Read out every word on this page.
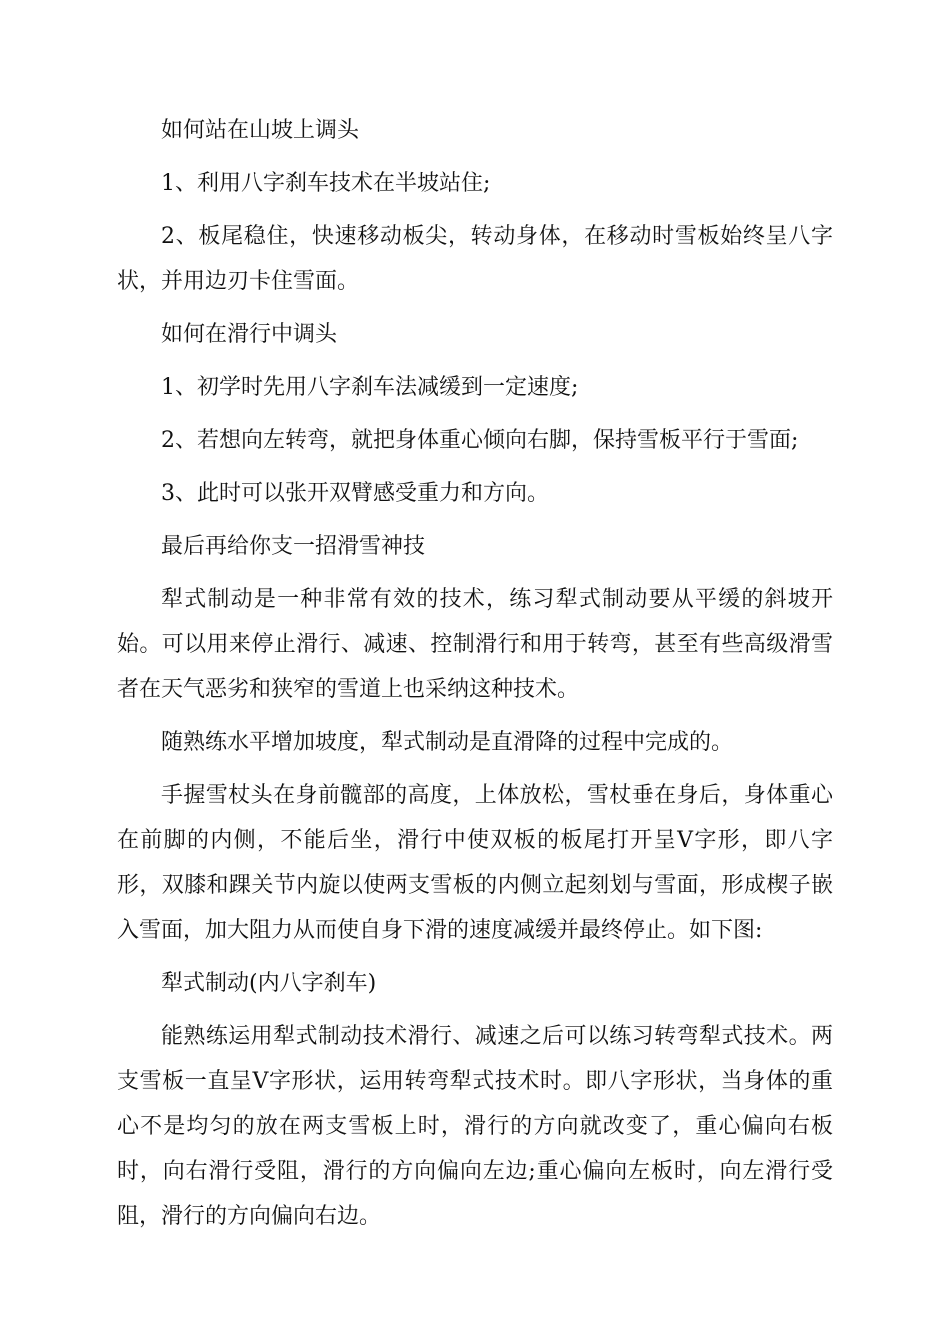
如何站在山坡上调头

1、利用八字刹车技术在半坡站住;

2、板尾稳住，快速移动板尖，转动身体，在移动时雪板始终呈八字状，并用边刃卡住雪面。

如何在滑行中调头

1、初学时先用八字刹车法减缓到一定速度;

2、若想向左转弯，就把身体重心倾向右脚，保持雪板平行于雪面;

3、此时可以张开双臂感受重力和方向。

最后再给你支一招滑雪神技

犁式制动是一种非常有效的技术，练习犁式制动要从平缓的斜坡开始。可以用来停止滑行、减速、控制滑行和用于转弯，甚至有些高级滑雪者在天气恶劣和狭窄的雪道上也采纳这种技术。

随熟练水平增加坡度，犁式制动是直滑降的过程中完成的。

手握雪杖头在身前髋部的高度，上体放松，雪杖垂在身后，身体重心在前脚的内侧，不能后坐，滑行中使双板的板尾打开呈V字形，即八字形，双膝和踝关节内旋以使两支雪板的内侧立起刻划与雪面，形成楔子嵌入雪面，加大阻力从而使自身下滑的速度减缓并最终停止。如下图:

犁式制动(内八字刹车)

能熟练运用犁式制动技术滑行、减速之后可以练习转弯犁式技术。两支雪板一直呈V字形状，运用转弯犁式技术时。即八字形状，当身体的重心不是均匀的放在两支雪板上时，滑行的方向就改变了，重心偏向右板时，向右滑行受阻，滑行的方向偏向左边;重心偏向左板时，向左滑行受阻，滑行的方向偏向右边。
